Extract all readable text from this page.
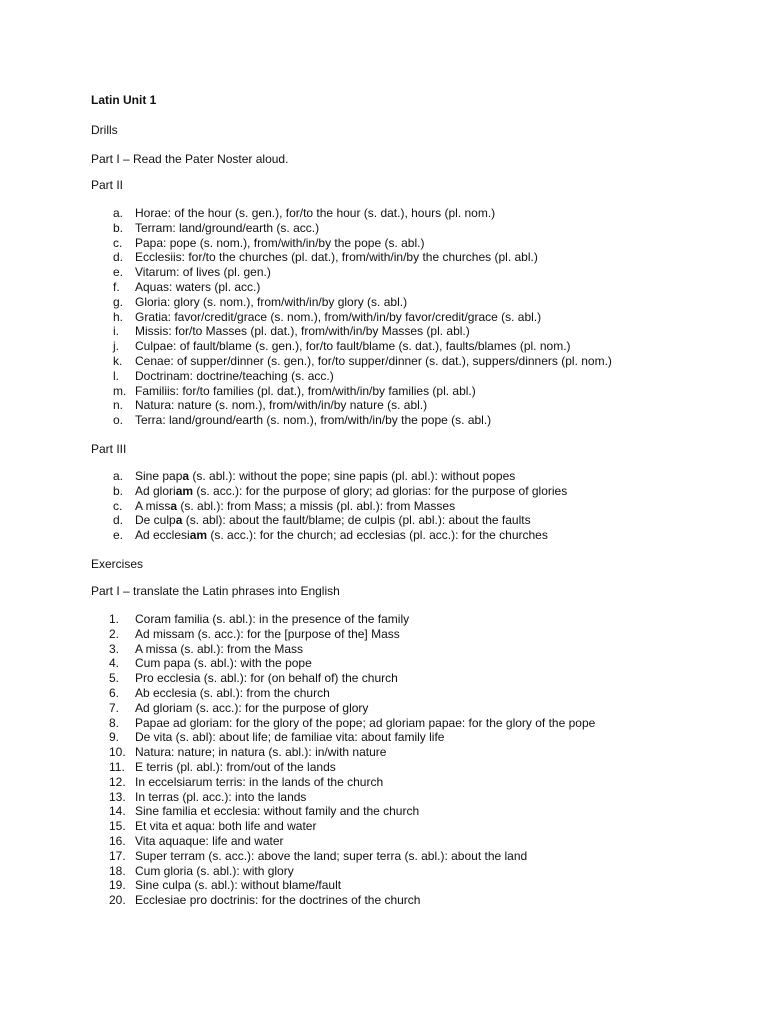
Latin Unit 1

Drills

Part I – Read the Pater Noster aloud.

Part II

a. Horae: of the hour (s. gen.), for/to the hour (s. dat.), hours (pl. nom.)
b. Terram: land/ground/earth (s. acc.)
c. Papa: pope (s. nom.), from/with/in/by the pope (s. abl.)
d. Ecclesiis: for/to the churches (pl. dat.), from/with/in/by the churches (pl. abl.)
e. Vitarum: of lives (pl. gen.)
f. Aquas: waters (pl. acc.)
g. Gloria: glory (s. nom.), from/with/in/by glory (s. abl.)
h. Gratia: favor/credit/grace (s. nom.), from/with/in/by favor/credit/grace (s. abl.)
i. Missis: for/to Masses (pl. dat.), from/with/in/by Masses (pl. abl.)
j. Culpae: of fault/blame (s. gen.), for/to fault/blame (s. dat.), faults/blames (pl. nom.)
k. Cenae: of supper/dinner (s. gen.), for/to supper/dinner (s. dat.), suppers/dinners (pl. nom.)
l. Doctrinam: doctrine/teaching (s. acc.)
m. Familiis: for/to families (pl. dat.), from/with/in/by families (pl. abl.)
n. Natura: nature (s. nom.), from/with/in/by nature (s. abl.)
o. Terra: land/ground/earth (s. nom.), from/with/in/by the pope (s. abl.)

Part III

a. Sine papa (s. abl.): without the pope; sine papis (pl. abl.): without popes
b. Ad gloriam (s. acc.): for the purpose of glory; ad glorias: for the purpose of glories
c. A missa (s. abl.): from Mass; a missis (pl. abl.): from Masses
d. De culpa (s. abl): about the fault/blame; de culpis (pl. abl.): about the faults
e. Ad ecclesiam (s. acc.): for the church; ad ecclesias (pl. acc.): for the churches

Exercises

Part I – translate the Latin phrases into English

1. Coram familia (s. abl.): in the presence of the family
2. Ad missam (s. acc.): for the [purpose of the] Mass
3. A missa (s. abl.): from the Mass
4. Cum papa (s. abl.): with the pope
5. Pro ecclesia (s. abl.): for (on behalf of) the church
6. Ab ecclesia (s. abl.): from the church
7. Ad gloriam (s. acc.): for the purpose of glory
8. Papae ad gloriam: for the glory of the pope; ad gloriam papae: for the glory of the pope
9. De vita (s. abl): about life; de familiae vita: about family life
10. Natura: nature; in natura (s. abl.): in/with nature
11. E terris (pl. abl.): from/out of the lands
12. In eccelsiarum terris: in the lands of the church
13. In terras (pl. acc.): into the lands
14. Sine familia et ecclesia: without family and the church
15. Et vita et aqua: both life and water
16. Vita aquaque: life and water
17. Super terram (s. acc.): above the land; super terra (s. abl.): about the land
18. Cum gloria (s. abl.): with glory
19. Sine culpa (s. abl.): without blame/fault
20. Ecclesiae pro doctrinis: for the doctrines of the church
